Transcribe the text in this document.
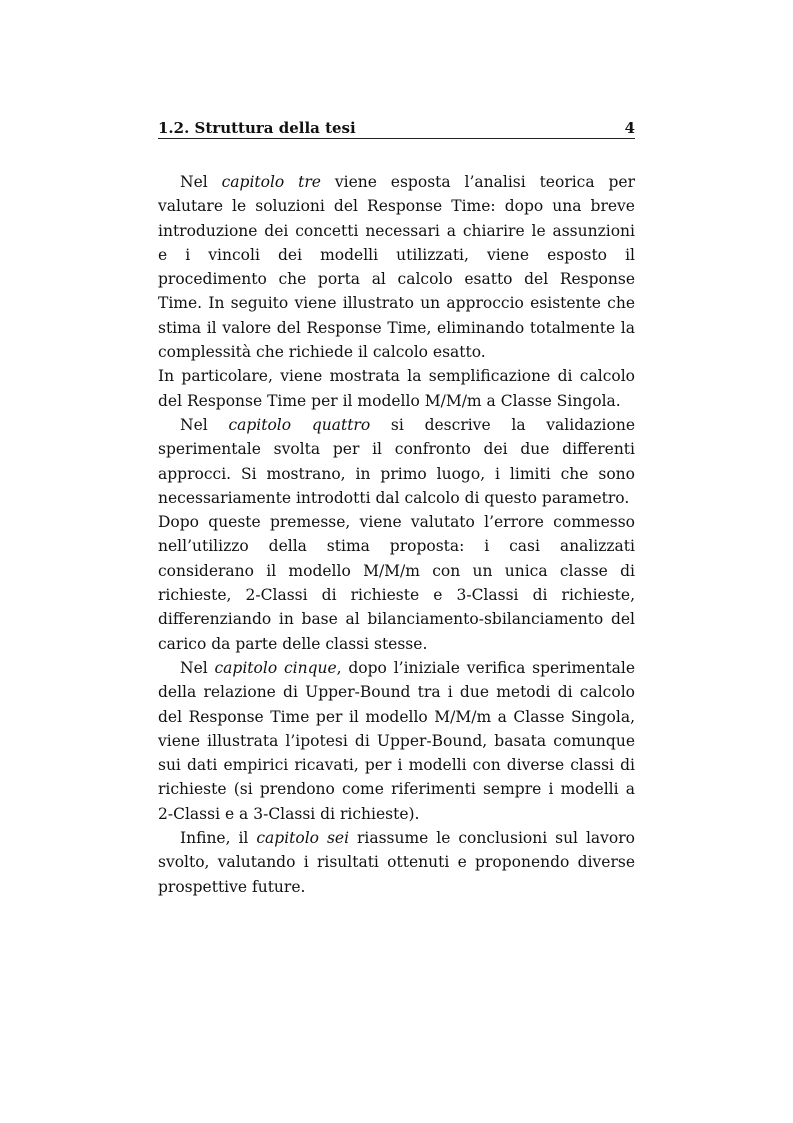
1.2. Struttura della tesi	4

Nel capitolo tre viene esposta l’analisi teorica per valutare le soluzioni del Response Time: dopo una breve introduzione dei concetti necessari a chiarire le assunzioni e i vincoli dei modelli utilizzati, viene esposto il procedimento che porta al calcolo esatto del Response Time. In seguito viene illustrato un approccio esistente che stima il valore del Response Time, eliminando totalmente la complessità che richiede il calcolo esatto.

In particolare, viene mostrata la semplificazione di calcolo del Response Time per il modello M/M/m a Classe Singola.

Nel capitolo quattro si descrive la validazione sperimentale svolta per il confronto dei due differenti approcci. Si mostrano, in primo luogo, i limiti che sono necessariamente introdotti dal calcolo di questo parametro.

Dopo queste premesse, viene valutato l’errore commesso nell’utilizzo della stima proposta: i casi analizzati considerano il modello M/M/m con un unica classe di richieste, 2-Classi di richieste e 3-Classi di richieste, differenziando in base al bilanciamento-sbilanciamento del carico da parte delle classi stesse.

Nel capitolo cinque, dopo l’iniziale verifica sperimentale della relazione di Upper-Bound tra i due metodi di calcolo del Response Time per il modello M/M/m a Classe Singola, viene illustrata l’ipotesi di Upper-Bound, basata comunque sui dati empirici ricavati, per i modelli con diverse classi di richieste (si prendono come riferimenti sempre i modelli a 2-Classi e a 3-Classi di richieste).

Infine, il capitolo sei riassume le conclusioni sul lavoro svolto, valutando i risultati ottenuti e proponendo diverse prospettive future.
